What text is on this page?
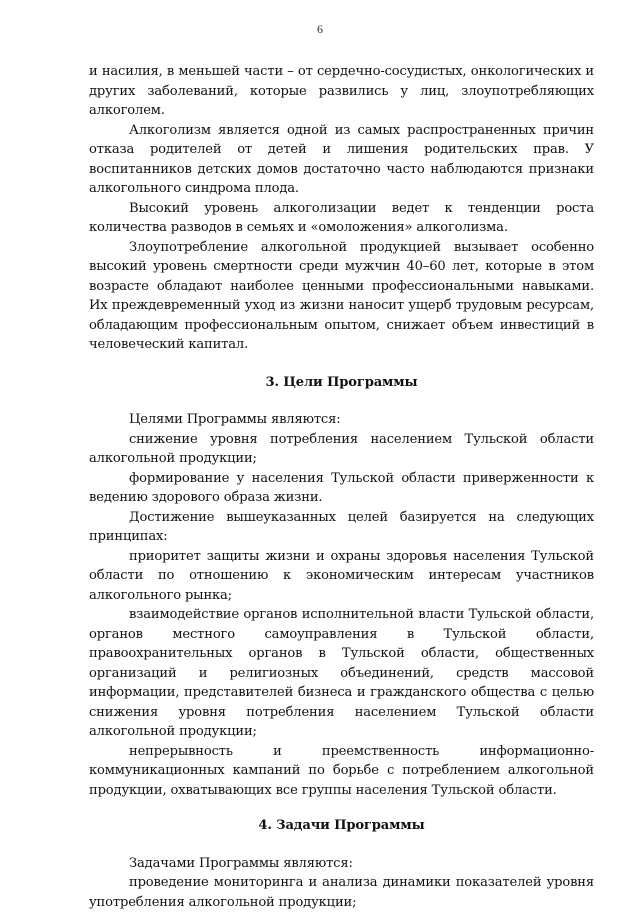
6

и насилия, в меньшей части – от сердечно-сосудистых, онкологических и других заболеваний, которые развились у лиц, злоупотребляющих алкоголем.

Алкоголизм является одной из самых распространенных причин отказа родителей от детей и лишения родительских прав. У воспитанников детских домов достаточно часто наблюдаются признаки алкогольного синдрома плода.

Высокий уровень алкоголизации ведет к тенденции роста количества разводов в семьях и «омоложения» алкоголизма.

Злоупотребление алкогольной продукцией вызывает особенно высокий уровень смертности среди мужчин 40–60 лет, которые в этом возрасте обладают наиболее ценными профессиональными навыками. Их преждевременный уход из жизни наносит ущерб трудовым ресурсам, обладающим профессиональным опытом, снижает объем инвестиций в человеческий капитал.

3. Цели Программы

Целями Программы являются:

снижение уровня потребления населением Тульской области алкогольной продукции;

формирование у населения Тульской области приверженности к ведению здорового образа жизни.

Достижение вышеуказанных целей базируется на следующих принципах:

приоритет защиты жизни и охраны здоровья населения Тульской области по отношению к экономическим интересам участников алкогольного рынка;

взаимодействие органов исполнительной власти Тульской области, органов местного самоуправления в Тульской области, правоохранительных органов в Тульской области, общественных организаций и религиозных объединений, средств массовой информации, представителей бизнеса и гражданского общества с целью снижения уровня потребления населением Тульской области алкогольной продукции;

непрерывность и преемственность информационно-коммуникационных кампаний по борьбе с потреблением алкогольной продукции, охватывающих все группы населения Тульской области.

4. Задачи Программы

Задачами Программы являются:

проведение мониторинга и анализа динамики показателей уровня употребления алкогольной продукции;
